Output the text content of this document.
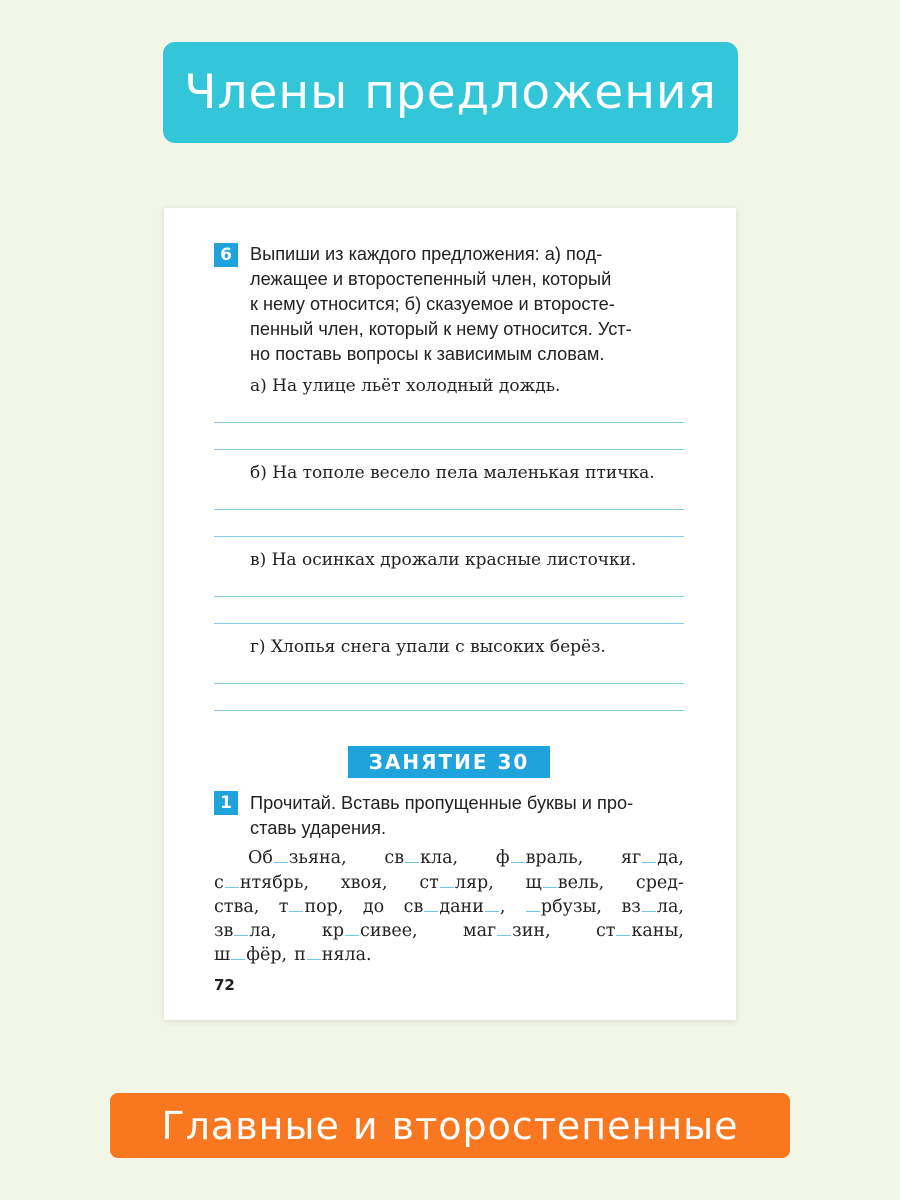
Члены предложения
6 Выпиши из каждого предложения: а) под-
лежащее и второстепенный член, который
к нему относится; б) сказуемое и второсте-
пенный член, который к нему относится. Уст-
но поставь вопросы к зависимым словам.
а) На улице льёт холодный дождь.
б) На тополе весело пела маленькая птичка.
в) На осинках дрожали красные листочки.
г) Хлопья снега упали с высоких берёз.
ЗАНЯТИЕ 30
1 Прочитай. Вставь пропущенные буквы и про-
ставь ударения.
Об зьяна, св кла, ф враль, яг да,
с нтябрь, хвоя, ст ляр, щ вель, сред-
ства, т пор, до св дани ,	рбузы, вз ла,
зв ла,	кр сивее,	маг зин,	ст каны,
ш фёр, п няла.
72
Главные и второстепенные
